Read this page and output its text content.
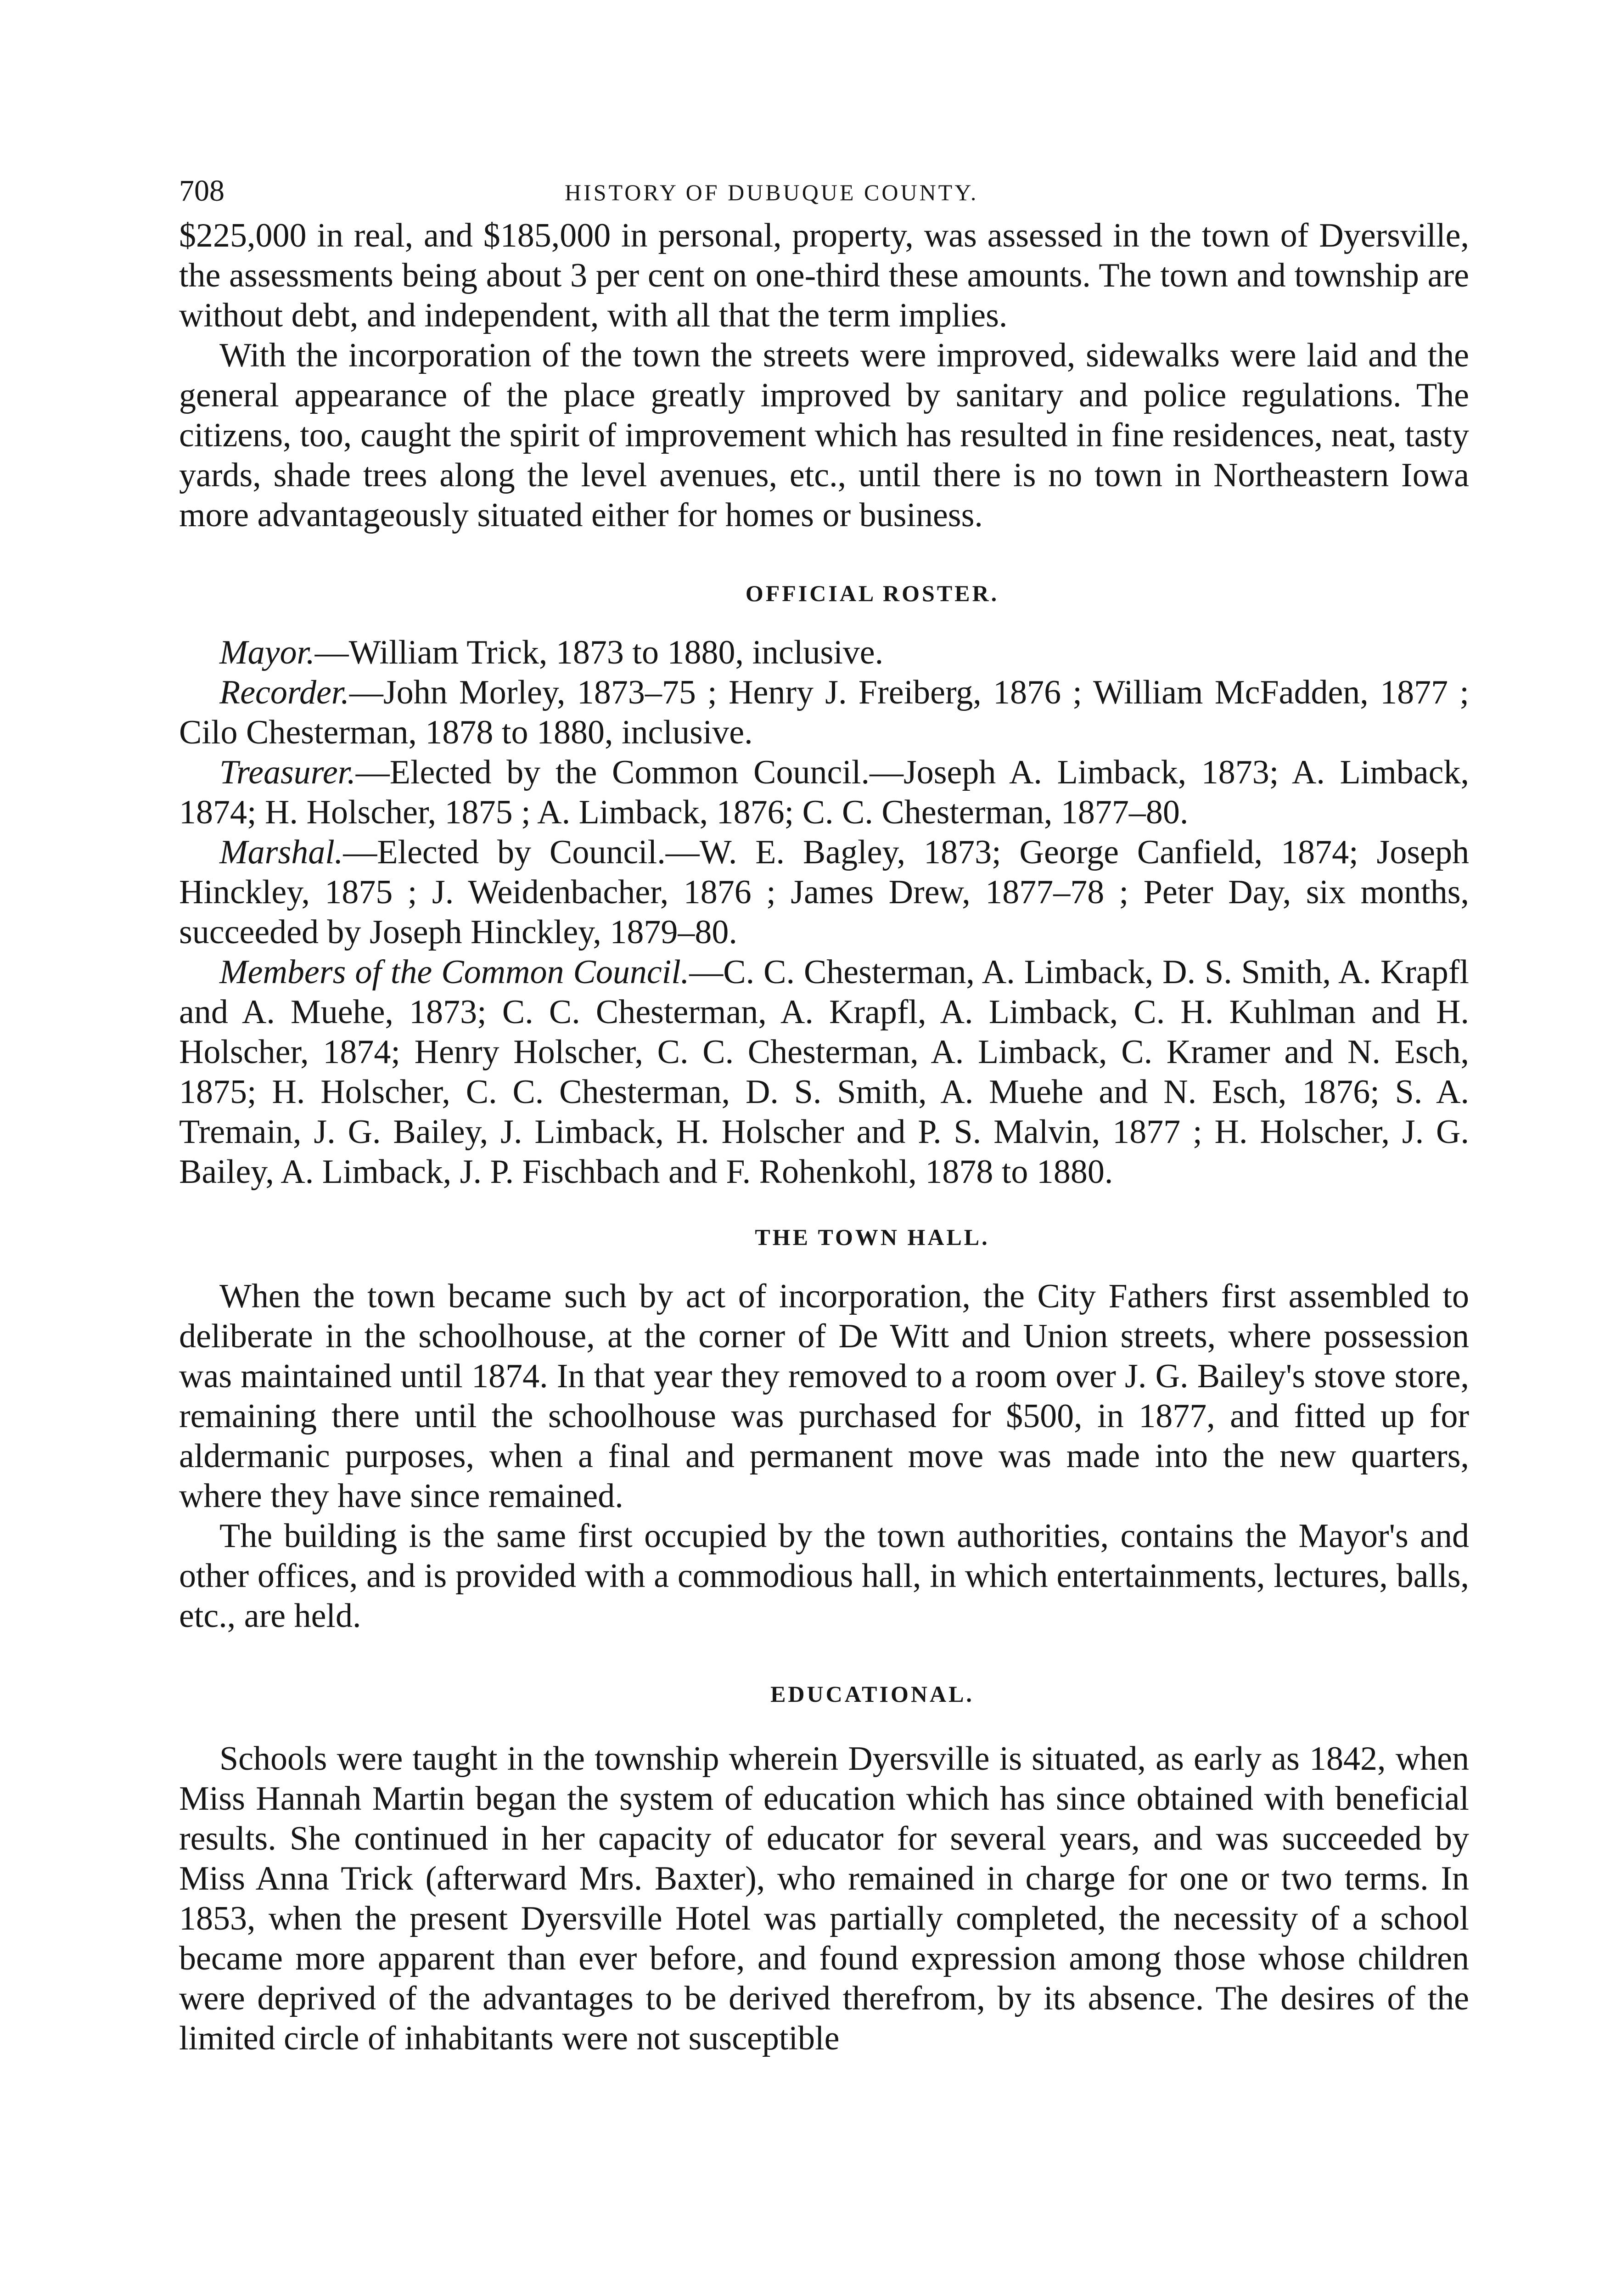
708	HISTORY OF DUBUQUE COUNTY.

$225,000 in real, and $185,000 in personal, property, was assessed in the town of Dyersville, the assessments being about 3 per cent on one-third these amounts. The town and township are without debt, and independent, with all that the term implies.

With the incorporation of the town the streets were improved, sidewalks were laid and the general appearance of the place greatly improved by sanitary and police regulations. The citizens, too, caught the spirit of improvement which has resulted in fine residences, neat, tasty yards, shade trees along the level avenues, etc., until there is no town in Northeastern Iowa more advantageously situated either for homes or business.

OFFICIAL ROSTER.

Mayor.—William Trick, 1873 to 1880, inclusive.

Recorder.—John Morley, 1873–75 ; Henry J. Freiberg, 1876 ; William McFadden, 1877 ; Cilo Chesterman, 1878 to 1880, inclusive.

Treasurer.—Elected by the Common Council.—Joseph A. Limback, 1873; A. Limback, 1874; H. Holscher, 1875 ; A. Limback, 1876; C. C. Chesterman, 1877–80.

Marshal.—Elected by Council.—W. E. Bagley, 1873; George Canfield, 1874; Joseph Hinckley, 1875 ; J. Weidenbacher, 1876 ; James Drew, 1877–78 ; Peter Day, six months, succeeded by Joseph Hinckley, 1879–80.

Members of the Common Council.—C. C. Chesterman, A. Limback, D. S. Smith, A. Krapfl and A. Muehe, 1873; C. C. Chesterman, A. Krapfl, A. Limback, C. H. Kuhlman and H. Holscher, 1874; Henry Holscher, C. C. Chesterman, A. Limback, C. Kramer and N. Esch, 1875; H. Holscher, C. C. Chesterman, D. S. Smith, A. Muehe and N. Esch, 1876; S. A. Tremain, J. G. Bailey, J. Limback, H. Holscher and P. S. Malvin, 1877 ; H. Holscher, J. G. Bailey, A. Limback, J. P. Fischbach and F. Rohenkohl, 1878 to 1880.

THE TOWN HALL.

When the town became such by act of incorporation, the City Fathers first assembled to deliberate in the schoolhouse, at the corner of De Witt and Union streets, where possession was maintained until 1874. In that year they removed to a room over J. G. Bailey's stove store, remaining there until the schoolhouse was purchased for $500, in 1877, and fitted up for aldermanic purposes, when a final and permanent move was made into the new quarters, where they have since remained.

The building is the same first occupied by the town authorities, contains the Mayor's and other offices, and is provided with a commodious hall, in which entertainments, lectures, balls, etc., are held.

EDUCATIONAL.

Schools were taught in the township wherein Dyersville is situated, as early as 1842, when Miss Hannah Martin began the system of education which has since obtained with beneficial results. She continued in her capacity of educator for several years, and was succeeded by Miss Anna Trick (afterward Mrs. Baxter), who remained in charge for one or two terms. In 1853, when the present Dyersville Hotel was partially completed, the necessity of a school became more apparent than ever before, and found expression among those whose children were deprived of the advantages to be derived therefrom, by its absence. The desires of the limited circle of inhabitants were not susceptible
